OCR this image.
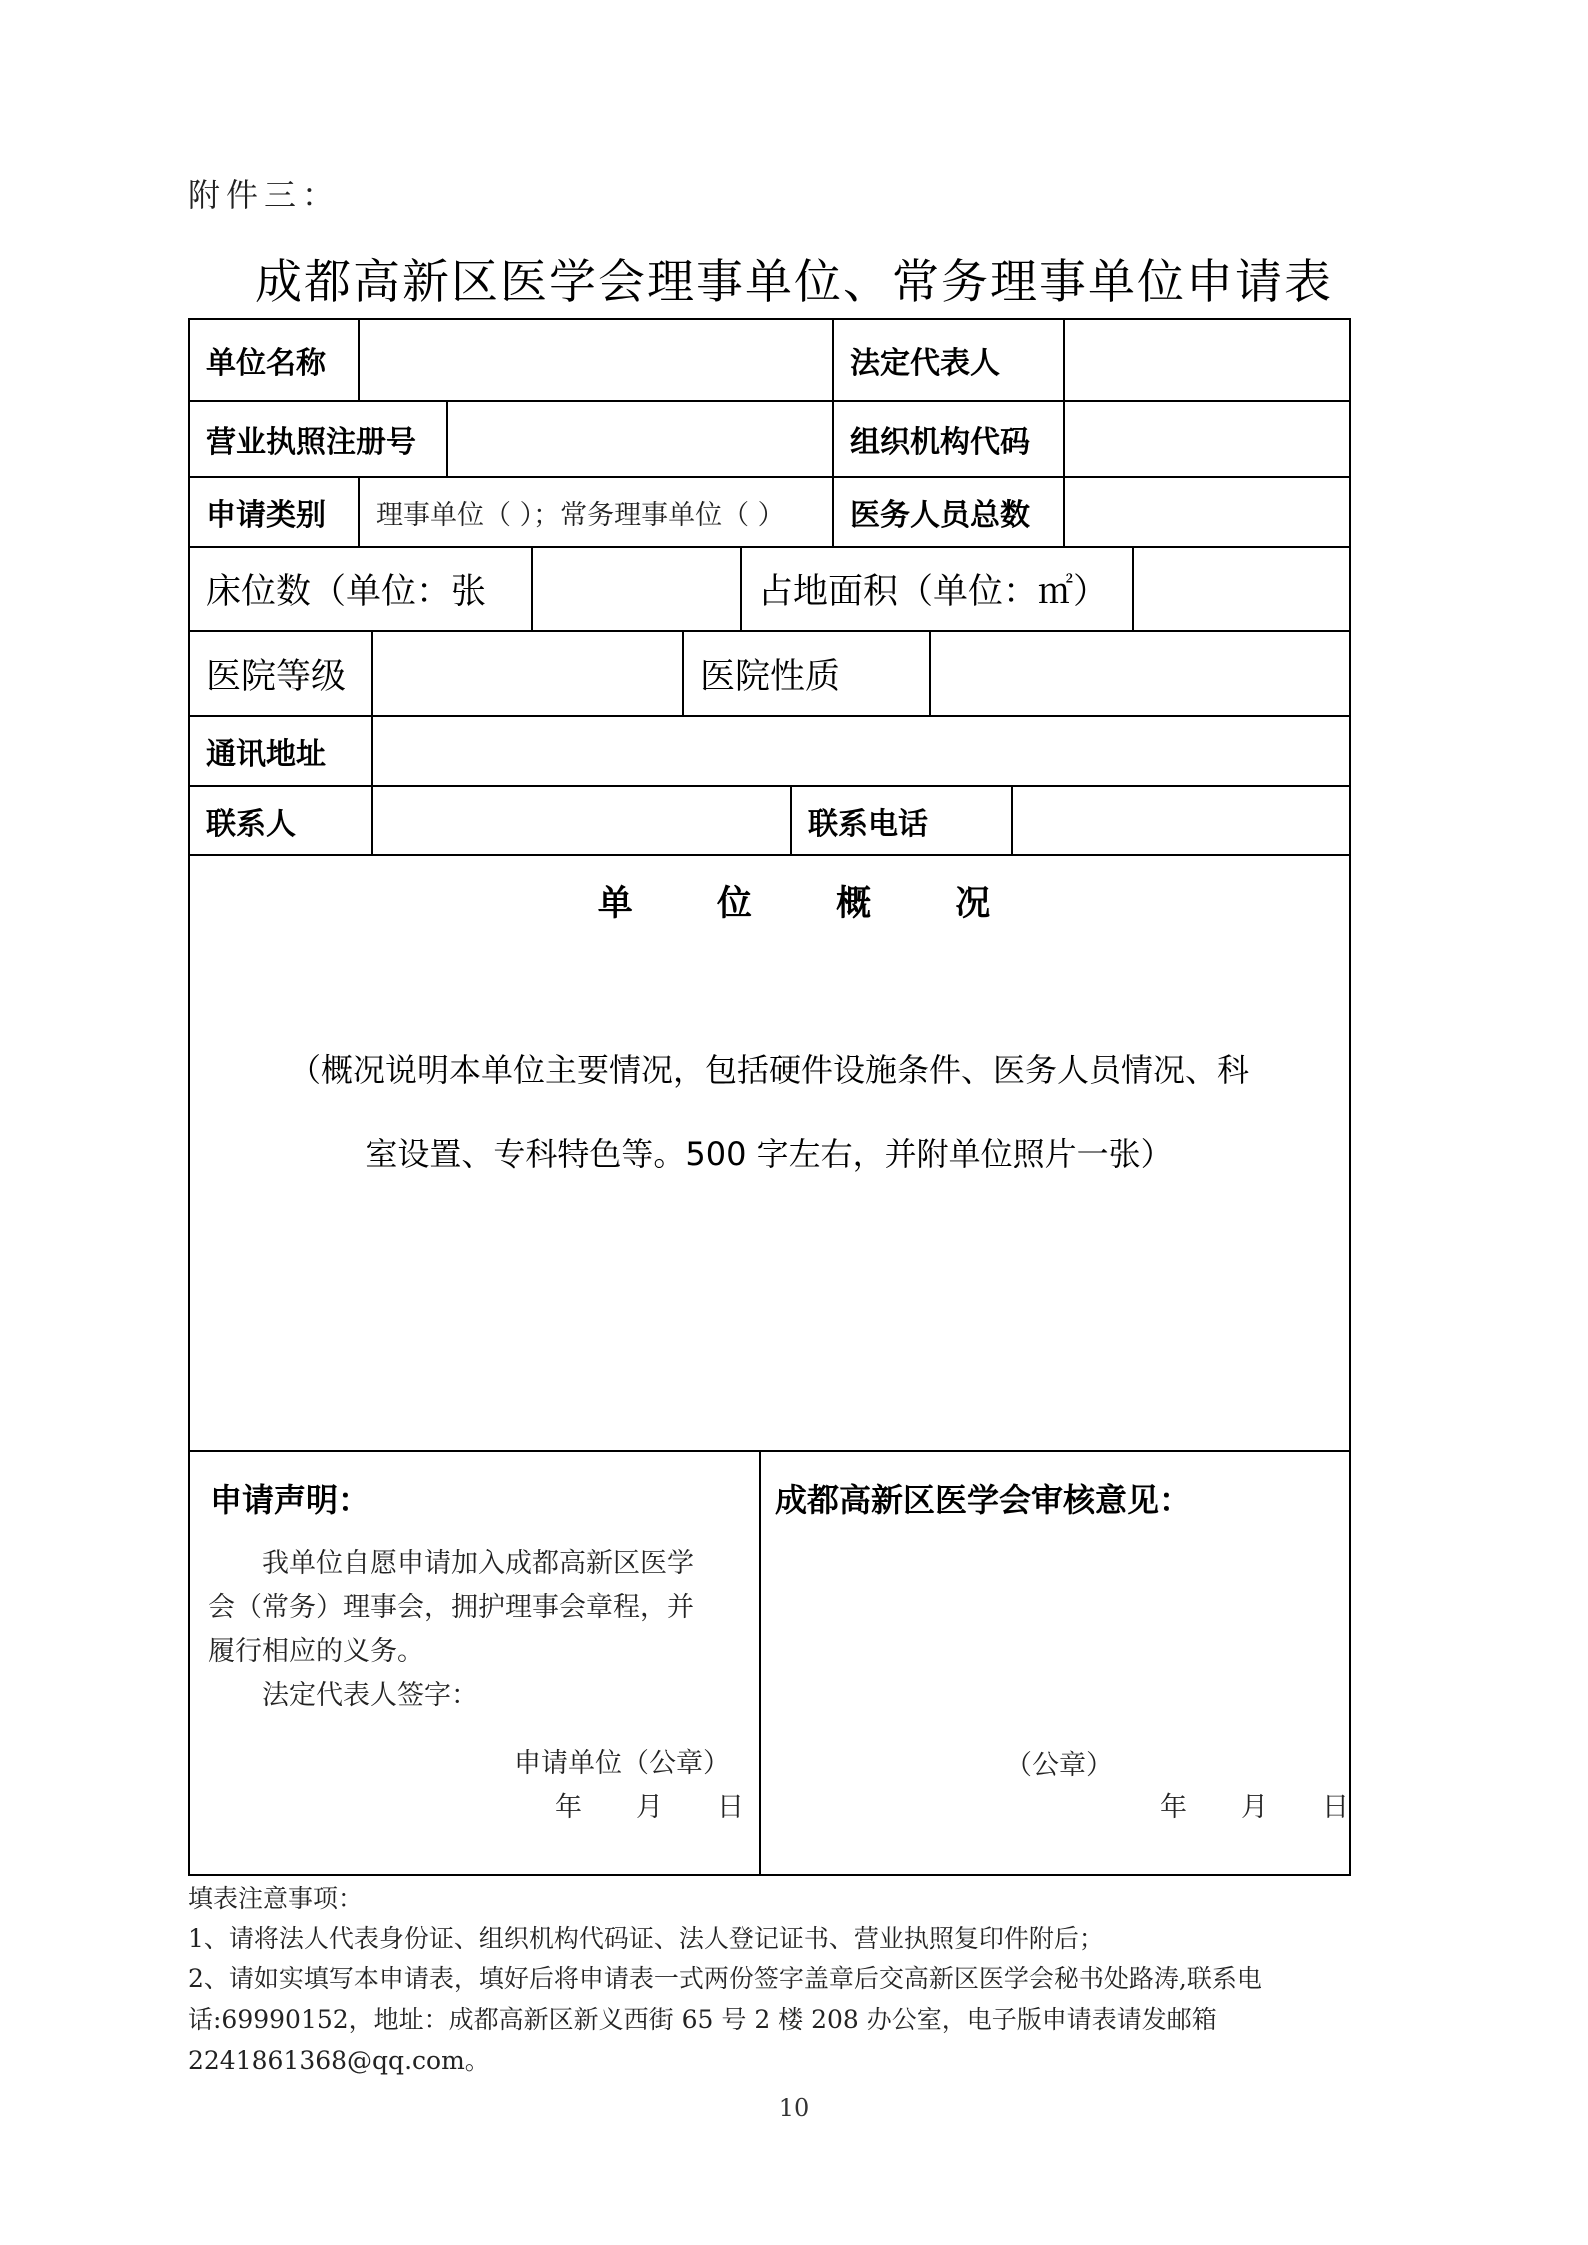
附件三：
成都高新区医学会理事单位、常务理事单位申请表
单位名称	法定代表人
营业执照注册号	组织机构代码
申请类别 理事单位（ ）；常务理事单位（ ）	医务人员总数
床位数（单位：张	占地面积（单位：㎡）
医院等级	医院性质
通讯地址
联系人	联系电话
单 位 概 况
（概况说明本单位主要情况，包括硬件设施条件、医务人员情况、科
室设置、专科特色等。500 字左右，并附单位照片一张）
申请声明：
我单位自愿申请加入成都高新区医学
会（常务）理事会，拥护理事会章程，并
履行相应的义务。
法定代表人签字：
申请单位（公章）
年　　月　　日
成都高新区医学会审核意见：
（公章）
年　　月　　日
填表注意事项：
1、请将法人代表身份证、组织机构代码证、法人登记证书、营业执照复印件附后；
2、请如实填写本申请表，填好后将申请表一式两份签字盖章后交高新区医学会秘书处路涛,联系电
话:69990152，地址：成都高新区新义西街 65 号 2 楼 208 办公室，电子版申请表请发邮箱
2241861368@qq.com。
10
